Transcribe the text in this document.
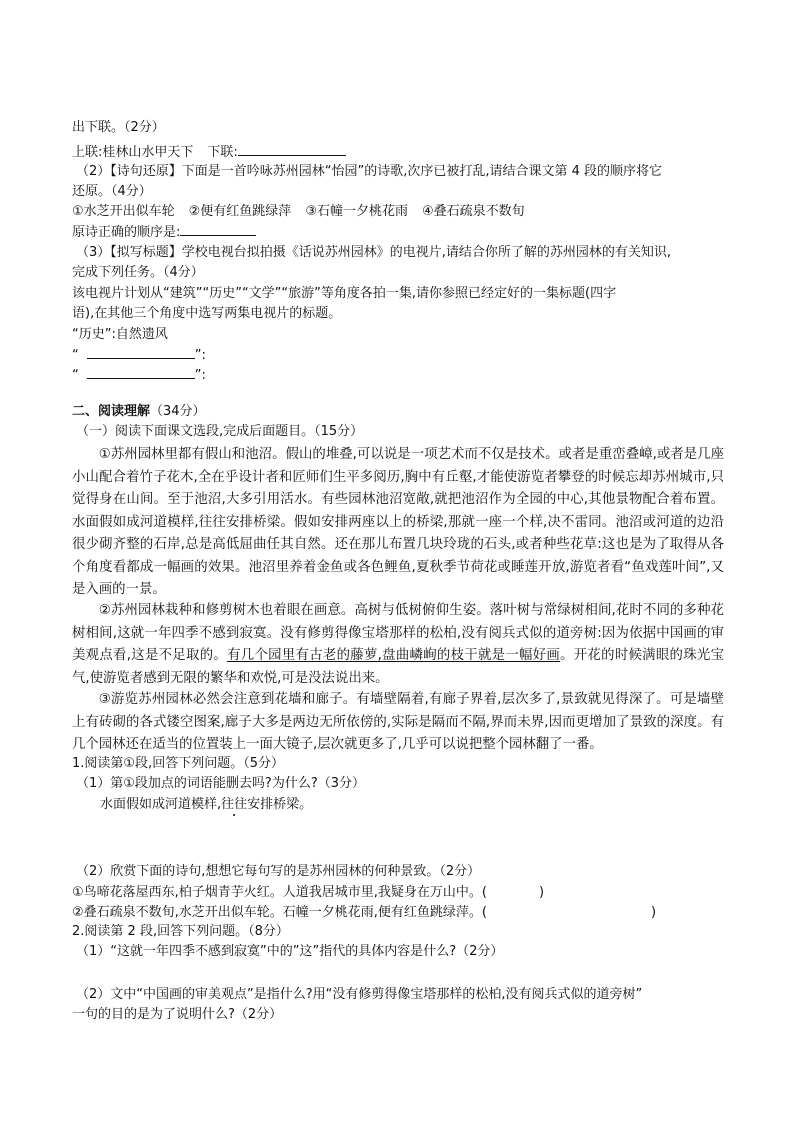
出下联。（2分）
上联:桂林山水甲天下 下联:
（2）【诗句还原】下面是一首吟咏苏州园林“怡园”的诗歌,次序已被打乱,请结合课文第 4 段的顺序将它
还原。（4分）
①水芝开出似车轮 ②便有红鱼跳绿萍 ③石幢一夕桃花雨 ④叠石疏泉不数旬
原诗正确的顺序是:
（3）【拟写标题】学校电视台拟拍摄《话说苏州园林》的电视片,请结合你所了解的苏州园林的有关知识,
完成下列任务。（4分）
该电视片计划从“建筑”“历史”“文学”“旅游”等角度各拍一集,请你参照已经定好的一集标题(四字
语),在其他三个角度中选写两集电视片的标题。
“历史”:自然遗风
“	”:
“	”:
二、阅读理解（34分）
（一）阅读下面课文选段,完成后面题目。（15分）
①苏州园林里都有假山和池沼。假山的堆叠,可以说是一项艺术而不仅是技术。或者是重峦叠嶂,或者是几座小山配合着竹子花木,全在乎设计者和匠师们生平多阅历,胸中有丘壑,才能使游览者攀登的时候忘却苏州城市,只觉得身在山间。至于池沼,大多引用活水。有些园林池沼宽敞,就把池沼作为全园的中心,其他景物配合着布置。水面假如成河道模样,往往安排桥梁。假如安排两座以上的桥梁,那就一座一个样,决不雷同。池沼或河道的边沿很少砌齐整的石岸,总是高低屈曲任其自然。还在那儿布置几块玲珑的石头,或者种些花草:这也是为了取得从各个角度看都成一幅画的效果。池沼里养着金鱼或各色鲤鱼,夏秋季节荷花或睡莲开放,游览者看“鱼戏莲叶间”,又是入画的一景。
②苏州园林栽种和修剪树木也着眼在画意。高树与低树俯仰生姿。落叶树与常绿树相间,花时不同的多种花树相间,这就一年四季不感到寂寞。没有修剪得像宝塔那样的松柏,没有阅兵式似的道旁树:因为依据中国画的审美观点看,这是不足取的。有几个园里有古老的藤萝,盘曲嶙峋的枝干就是一幅好画。开花的时候满眼的珠光宝气,使游览者感到无限的繁华和欢悦,可是没法说出来。
③游览苏州园林必然会注意到花墙和廊子。有墙壁隔着,有廊子界着,层次多了,景致就见得深了。可是墙壁上有砖砌的各式镂空图案,廊子大多是两边无所依傍的,实际是隔而不隔,界而未界,因而更增加了景致的深度。有几个园林还在适当的位置装上一面大镜子,层次就更多了,几乎可以说把整个园林翻了一番。
1.阅读第①段,回答下列问题。（5分）
（1）第①段加点的词语能删去吗?为什么?（3分）
水面假如成河道模样,往往安排桥梁。
（2）欣赏下面的诗句,想想它每句写的是苏州园林的何种景致。（2分）
①鸟啼花落屋西东,柏子烟青芋火红。人道我居城市里,我疑身在万山中。(	)
②叠石疏泉不数旬,水芝开出似车轮。石幢一夕桃花雨,便有红鱼跳绿萍。(	)
2.阅读第 2 段,回答下列问题。（8分）
（1）“这就一年四季不感到寂寞”中的”这”指代的具体内容是什么?（2分）
（2）文中“中国画的审美观点”是指什么?用“没有修剪得像宝塔那样的松柏,没有阅兵式似的道旁树”
一句的目的是为了说明什么?（2分）
